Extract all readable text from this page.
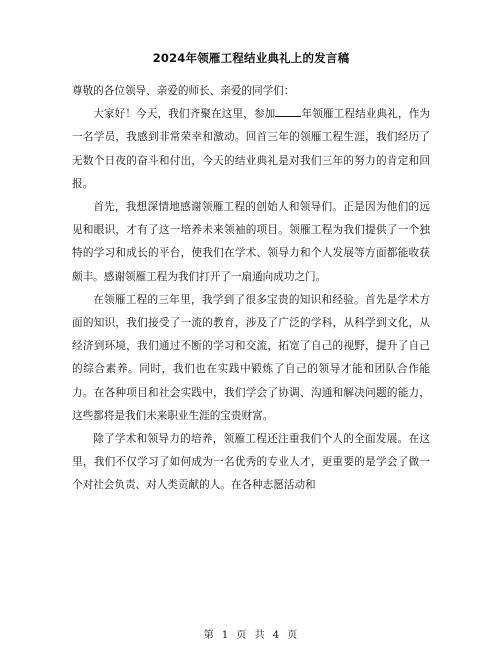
2024年领雁工程结业典礼上的发言稿

尊敬的各位领导、亲爱的师长、亲爱的同学们：

大家好！今天，我们齐聚在这里，参加 年领雁工程结业典礼，作为一名学员，我感到非常荣幸和激动。回首三年的领雁工程生涯，我们经历了无数个日夜的奋斗和付出，今天的结业典礼是对我们三年的努力的肯定和回报。

首先，我想深情地感谢领雁工程的创始人和领导们。正是因为他们的远见和眼识，才有了这一培养未来领袖的项目。领雁工程为我们提供了一个独特的学习和成长的平台，使我们在学术、领导力和个人发展等方面都能收获颇丰。感谢领雁工程为我们打开了一扇通向成功之门。

在领雁工程的三年里，我学到了很多宝贵的知识和经验。首先是学术方面的知识，我们接受了一流的教育，涉及了广泛的学科，从科学到文化，从经济到环境，我们通过不断的学习和交流，拓宽了自己的视野，提升了自己的综合素养。同时，我们也在实践中锻炼了自己的领导才能和团队合作能力。在各种项目和社会实践中，我们学会了协调、沟通和解决问题的能力，这些都将是我们未来职业生涯的宝贵财富。

除了学术和领导力的培养，领雁工程还注重我们个人的全面发展。在这里，我们不仅学习了如何成为一名优秀的专业人才，更重要的是学会了做一个对社会负责、对人类贡献的人。在各种志愿活动和

第 1 页 共 4 页
